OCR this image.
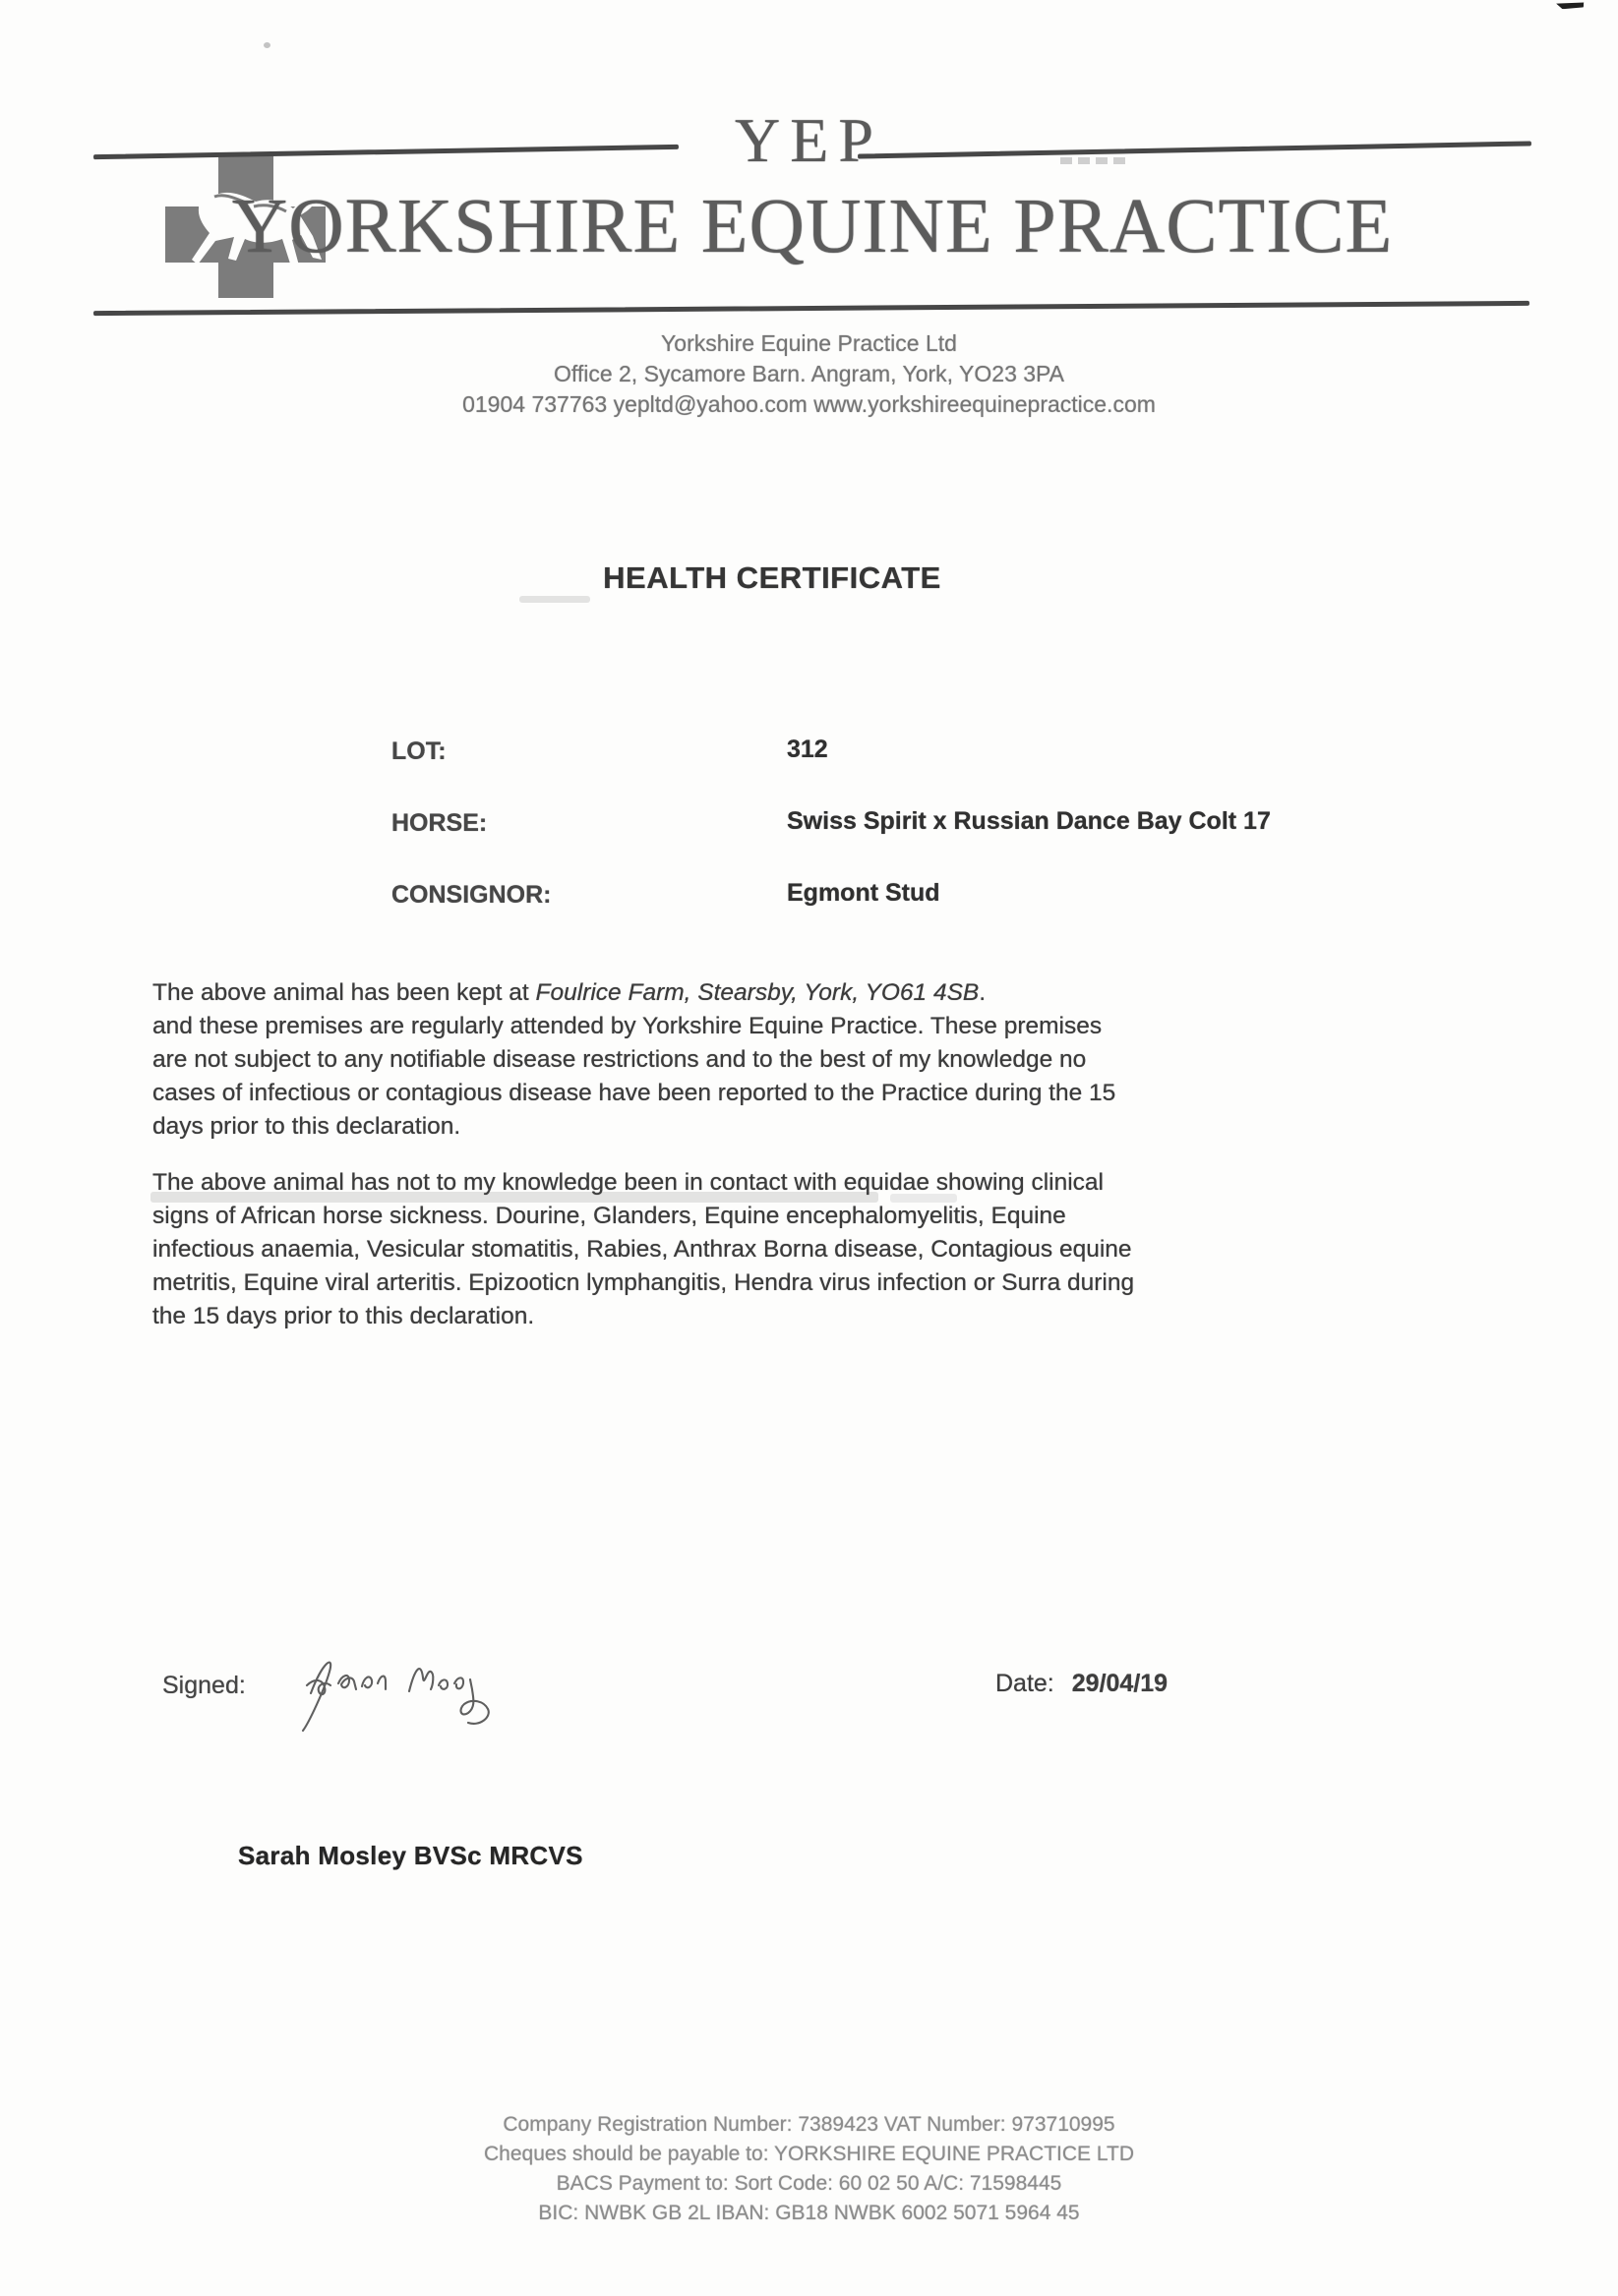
YEP
YORKSHIRE EQUINE PRACTICE
Yorkshire Equine Practice Ltd
Office 2, Sycamore Barn. Angram, York, YO23 3PA
01904 737763 yepltd@yahoo.com www.yorkshireequinepractice.com
HEALTH CERTIFICATE
LOT:	312
HORSE:	Swiss Spirit x Russian Dance Bay Colt 17
CONSIGNOR:	Egmont Stud
The above animal has been kept at Foulrice Farm, Stearsby, York, YO61 4SB.
and these premises are regularly attended by Yorkshire Equine Practice. These premises
are not subject to any notifiable disease restrictions and to the best of my knowledge no
cases of infectious or contagious disease have been reported to the Practice during the 15
days prior to this declaration.
The above animal has not to my knowledge been in contact with equidae showing clinical
signs of African horse sickness. Dourine, Glanders, Equine encephalomyelitis, Equine
infectious anaemia, Vesicular stomatitis, Rabies, Anthrax Borna disease, Contagious equine
metritis, Equine viral arteritis. Epizooticn lymphangitis, Hendra virus infection or Surra during
the 15 days prior to this declaration.
Signed:	Date: 29/04/19
Sarah Mosley BVSc MRCVS
Company Registration Number: 7389423 VAT Number: 973710995
Cheques should be payable to: YORKSHIRE EQUINE PRACTICE LTD
BACS Payment to: Sort Code: 60 02 50 A/C: 71598445
BIC: NWBK GB 2L IBAN: GB18 NWBK 6002 5071 5964 45
